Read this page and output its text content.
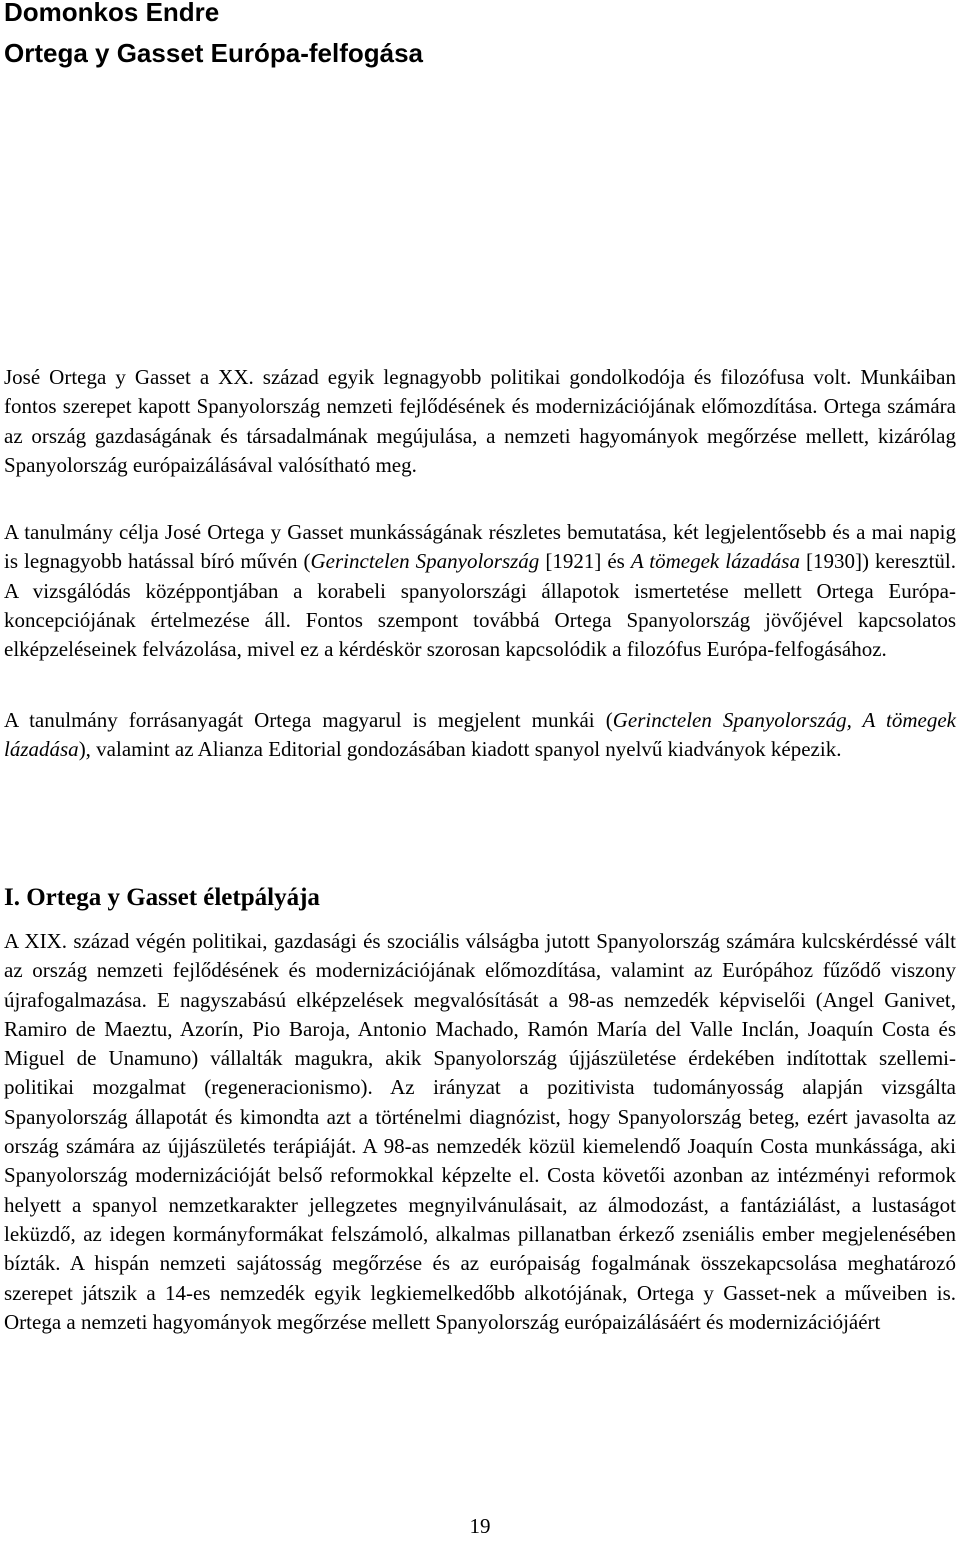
Domonkos Endre
Ortega y Gasset Európa-felfogása

José Ortega y Gasset a XX. század egyik legnagyobb politikai gondolkodója és filozófusa volt. Munkáiban fontos szerepet kapott Spanyolország nemzeti fejlődésének és modernizációjának előmozdítása. Ortega számára az ország gazdaságának és társadalmának megújulása, a nemzeti hagyományok megőrzése mellett, kizárólag Spanyolország európaizálásával valósítható meg.

A tanulmány célja José Ortega y Gasset munkásságának részletes bemutatása, két legjelentősebb és a mai napig is legnagyobb hatással bíró művén (Gerinctelen Spanyolország [1921] és A tömegek lázadása [1930]) keresztül. A vizsgálódás középpontjában a korabeli spanyolországi állapotok ismertetése mellett Ortega Európa-koncepciójának értelmezése áll. Fontos szempont továbbá Ortega Spanyolország jövőjével kapcsolatos elképzeléseinek felvázolása, mivel ez a kérdéskör szorosan kapcsolódik a filozófus Európa-felfogásához.

A tanulmány forrásanyagát Ortega magyarul is megjelent munkái (Gerinctelen Spanyolország, A tömegek lázadása), valamint az Alianza Editorial gondozásában kiadott spanyol nyelvű kiadványok képezik.

I. Ortega y Gasset életpályája

A XIX. század végén politikai, gazdasági és szociális válságba jutott Spanyolország számára kulcskérdéssé vált az ország nemzeti fejlődésének és modernizációjának előmozdítása, valamint az Európához fűződő viszony újrafogalmazása. E nagyszabású elképzelések megvalósítását a 98-as nemzedék képviselői (Angel Ganivet, Ramiro de Maeztu, Azorín, Pio Baroja, Antonio Machado, Ramón María del Valle Inclán, Joaquín Costa és Miguel de Unamuno) vállalták magukra, akik Spanyolország újjászületése érdekében indítottak szellemi-politikai mozgalmat (regeneracionismo). Az irányzat a pozitivista tudományosság alapján vizsgálta Spanyolország állapotát és kimondta azt a történelmi diagnózist, hogy Spanyolország beteg, ezért javasolta az ország számára az újjászületés terápiáját. A 98-as nemzedék közül kiemelendő Joaquín Costa munkássága, aki Spanyolország modernizációját belső reformokkal képzelte el. Costa követői azonban az intézményi reformok helyett a spanyol nemzetkarakter jellegzetes megnyilvánulásait, az álmodozást, a fantáziálást, a lustaságot leküzdő, az idegen kormányformákat felszámoló, alkalmas pillanatban érkező zseniális ember megjelenésében bízták. A hispán nemzeti sajátosság megőrzése és az európaiság fogalmának összekapcsolása meghatározó szerepet játszik a 14-es nemzedék egyik legkiemelkedőbb alkotójának, Ortega y Gasset-nek a műveiben is. Ortega a nemzeti hagyományok megőrzése mellett Spanyolország európaizálásáért és modernizációjáért

19
